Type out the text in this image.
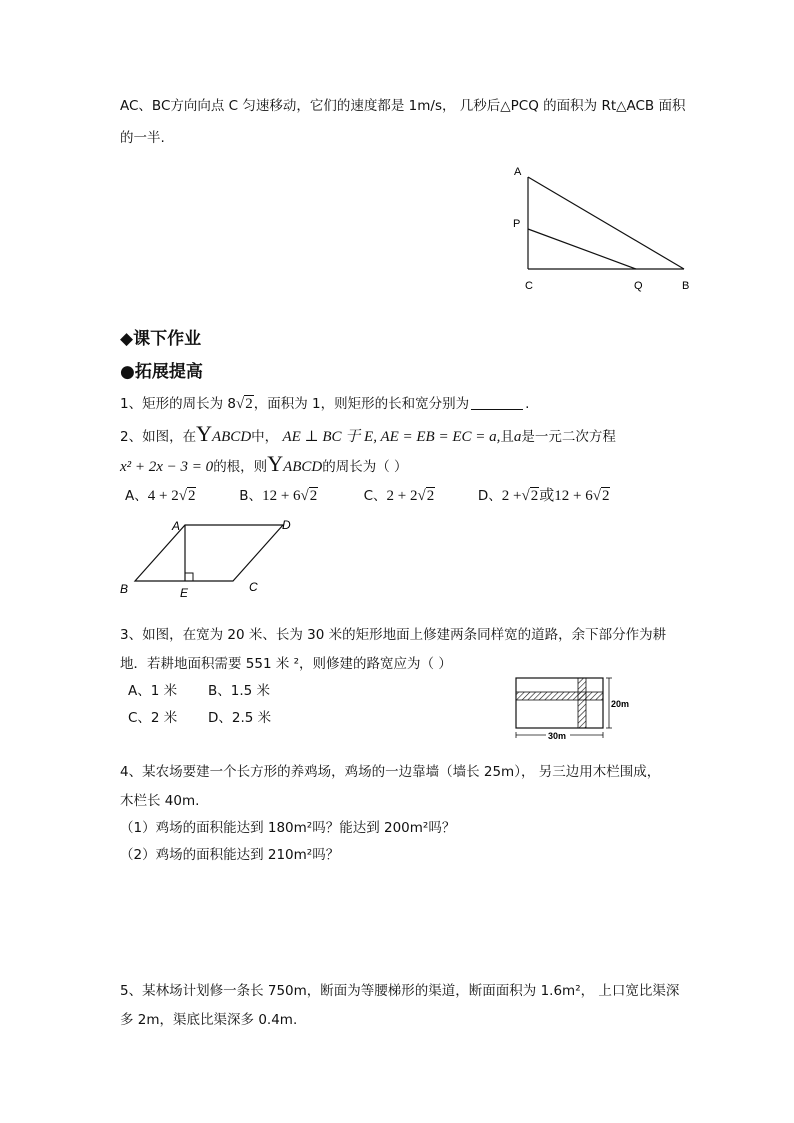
AC、BC方向向点 C 匀速移动，它们的速度都是 1m/s， 几秒后△PCQ 的面积为 Rt△ACB 面积
的一半.
A
P
C	Q	B
◆课下作业
●拓展提高
1、矩形的周长为 8√2，面积为 1，则矩形的长和宽分别为	.
2、如图，在YABCD中， AE ⊥ BC 于 E, AE = EB = EC = a,且a是一元二次方程
x² + 2x − 3 = 0的根，则YABCD的周长为（ ）
A、4 + 2√2	B、12 + 6√2	C、2 + 2√2	D、2 +√2或12 + 6√2
A	D
B	E	C
3、如图，在宽为 20 米、长为 30 米的矩形地面上修建两条同样宽的道路，余下部分作为耕
地．若耕地面积需要 551 米 ²，则修建的路宽应为（ ）
A、1 米 B、1.5 米
C、2 米 D、2.5 米
20m
30m
4、某农场要建一个长方形的养鸡场，鸡场的一边靠墙（墙长 25m）， 另三边用木栏围成，
木栏长 40m.
（1）鸡场的面积能达到 180m²吗？能达到 200m²吗？
（2）鸡场的面积能达到 210m²吗？
5、某林场计划修一条长 750m，断面为等腰梯形的渠道，断面面积为 1.6m²， 上口宽比渠深
多 2m，渠底比渠深多 0.4m.
